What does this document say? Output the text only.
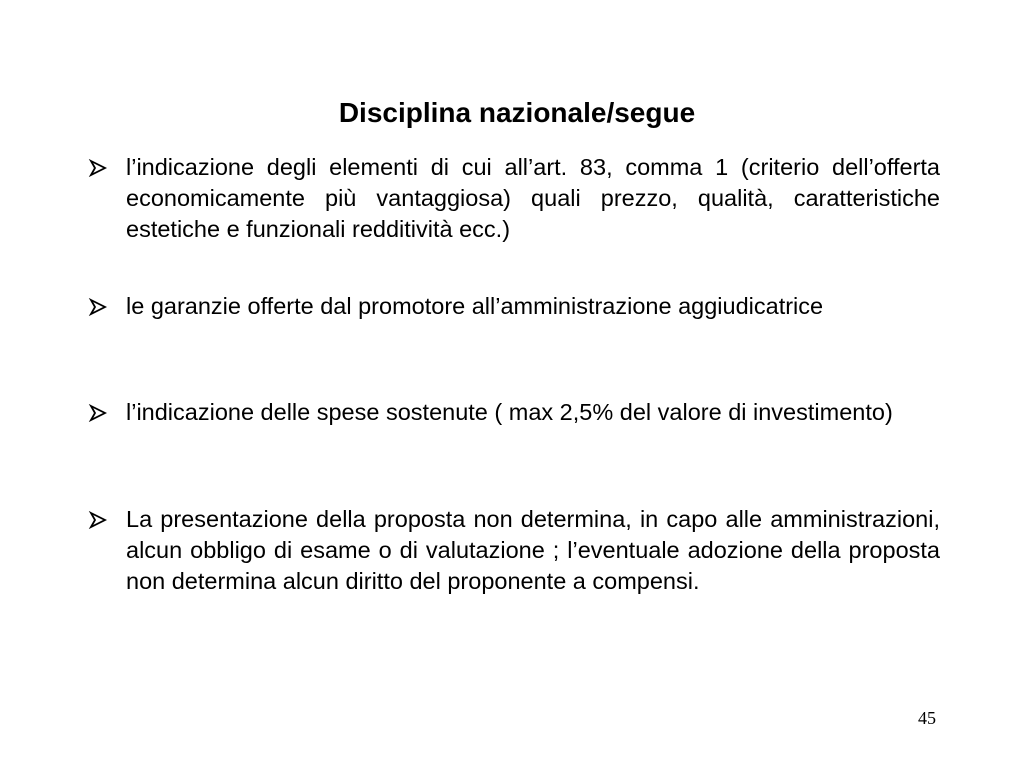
Disciplina nazionale/segue
l’indicazione degli elementi di cui all’art. 83, comma 1 (criterio dell’offerta economicamente più vantaggiosa) quali prezzo, qualità, caratteristiche estetiche e funzionali redditività ecc.)
le garanzie offerte dal promotore all’amministrazione aggiudicatrice
l’indicazione delle spese sostenute ( max 2,5% del valore di investimento)
La presentazione della proposta non determina, in capo alle amministrazioni, alcun obbligo di esame o di valutazione ; l’eventuale adozione della proposta non determina alcun diritto del proponente a compensi.
45
